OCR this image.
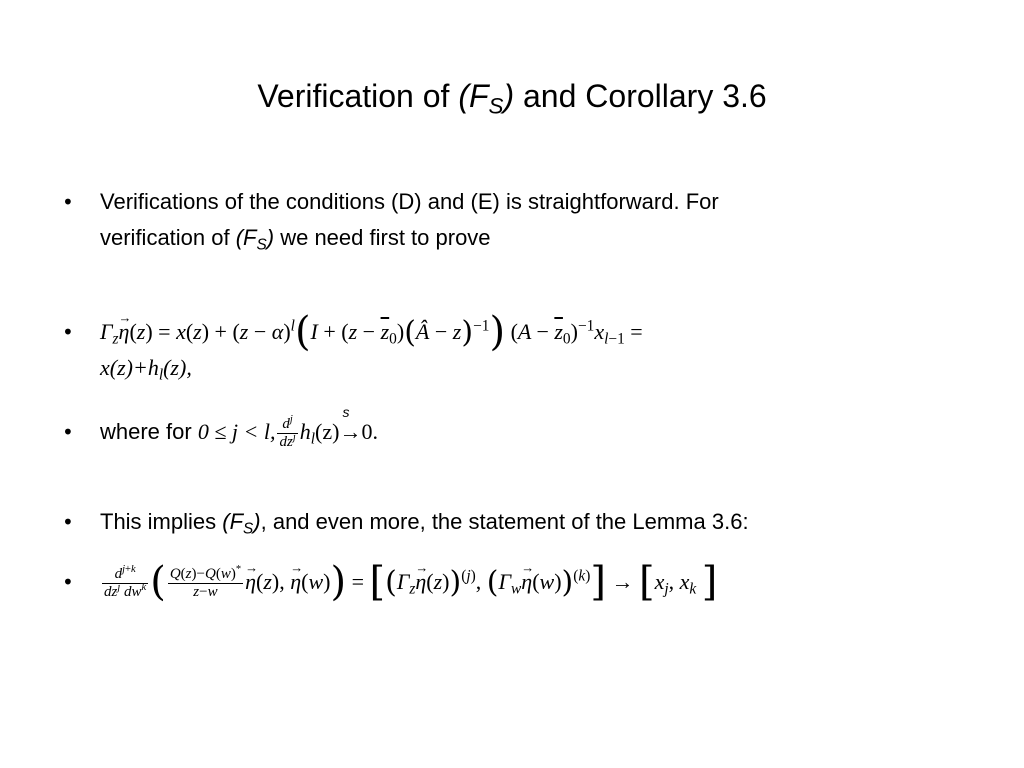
Verification of $(F_S)$ and Corollary 3.6
• Verifications of the conditions (D) and (E) is straightforward. For
verification of $(F_S)$ we need first to prove
• $\Gamma_z\to \eta(z) = x(z) + (z - \alpha)^l(I + (z$ − $\overline{z}_0)(Â - z)^{-1}$) $(A - \overline{z}_0)^{-1}x_{l-1}$ =
$x(z)+h_l(z)$,
• where for 0 ≤ j < l, $\frac{d^j}{dz^j} h_l(z)$
s
→0.
• This implies $(F_S)$, and even more, the statement of the Lemma 3.6:
• $\frac{d^{j+k}}{dz^j d\overline{w}^k}$ ( $\frac{Q(z)-Q(w)^*}{z-\overline{w}} \to \eta(z)$, → $\eta(w)) = [(\Gamma_z\to \eta(z))^{(j)}$, $(\Gamma_w\to \eta(w))^{(k)}] \to [x_j$, $x_k$ ]
